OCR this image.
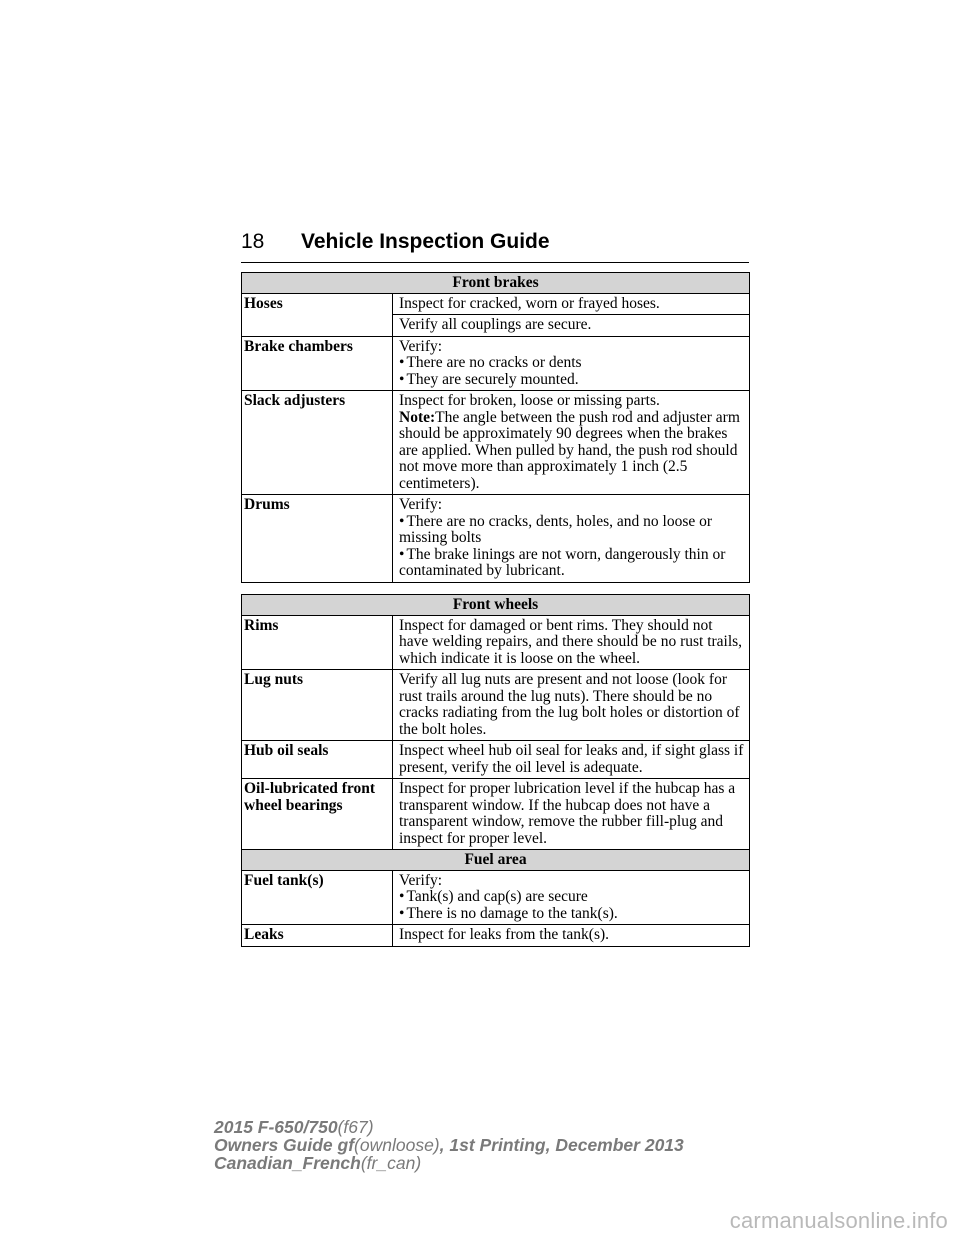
18 Vehicle Inspection Guide
Front brakes	
Hoses	Inspect for cracked, worn or frayed hoses.
	Verify all couplings are secure.
Brake chambers	Verify:
• There are no cracks or dents
• They are securely mounted.

Slack adjusters	Inspect for broken, loose or missing parts.
Note:The angle between the push rod and adjuster arm should be approximately 90 degrees when the brakes are applied. When pulled by hand, the push rod should not move more than approximately 1 inch (2.5 centimeters).
Drums	Verify:
• There are no cracks, dents, holes, and no loose or missing bolts
• The brake linings are not worn, dangerously thin or contaminated by lubricant.
Front wheels	
Rims	Inspect for damaged or bent rims. They should not have welding repairs, and there should be no rust trails, which indicate it is loose on the wheel.
Lug nuts	Verify all lug nuts are present and not loose (look for rust trails around the lug nuts). There should be no cracks radiating from the lug bolt holes or distortion of the bolt holes.
Hub oil seals	Inspect wheel hub oil seal for leaks and, if sight glass if present, verify the oil level is adequate.
Oil-lubricated front wheel bearings	Inspect for proper lubrication level if the hubcap has a transparent window. If the hubcap does not have a transparent window, remove the rubber fill-plug and inspect for proper level.
Fuel area	
Fuel tank(s)	Verify:
• Tank(s) and cap(s) are secure
• There is no damage to the tank(s).

Leaks	Inspect for leaks from the tank(s).
2015 F-650/750(f67)
Owners Guide gf(ownloose), 1st Printing, December 2013
Canadian_French(fr_can)
carmanualsonline.info
